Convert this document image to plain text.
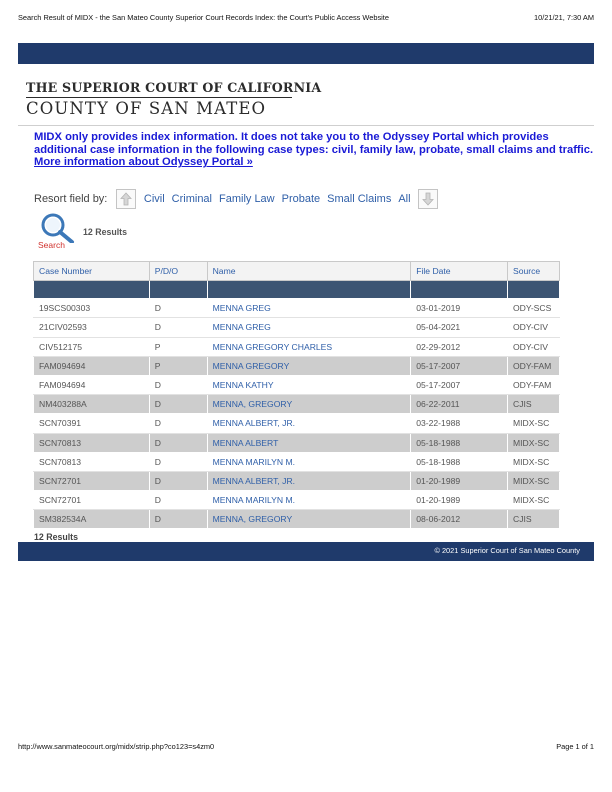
Search Result of MIDX - the San Mateo County Superior Court Records Index: the Court's Public Access Website	10/21/21, 7:30 AM
THE SUPERIOR COURT OF CALIFORNIA
COUNTY OF SAN MATEO
MIDX only provides index information. It does not take you to the Odyssey Portal which provides additional case information in the following case types: civil, family law, probate, small claims and traffic.
More information about Odyssey Portal »
Resort field by:	Civil Criminal Family Law Probate Small Claims All
Search
12 Results
Case Number	P/D/O	Name	File Date	Source

19SCS00303	D	MENNA GREG	03-01-2019	ODY-SCS
21CIV02593	D	MENNA GREG	05-04-2021	ODY-CIV
CIV512175	P	MENNA GREGORY CHARLES	02-29-2012	ODY-CIV
FAM094694	P	MENNA GREGORY	05-17-2007	ODY-FAM
FAM094694	D	MENNA KATHY	05-17-2007	ODY-FAM
NM403288A	D	MENNA, GREGORY	06-22-2011	CJIS
SCN70391	D	MENNA ALBERT, JR.	03-22-1988	MIDX-SC
SCN70813	D	MENNA ALBERT	05-18-1988	MIDX-SC
SCN70813	D	MENNA MARILYN M.	05-18-1988	MIDX-SC
SCN72701	D	MENNA ALBERT, JR.	01-20-1989	MIDX-SC
SCN72701	D	MENNA MARILYN M.	01-20-1989	MIDX-SC
SM382534A	D	MENNA, GREGORY	08-06-2012	CJIS
12 Results
© 2021 Superior Court of San Mateo County
http://www.sanmateocourt.org/midx/strip.php?co123=s4zm0	Page 1 of 1
